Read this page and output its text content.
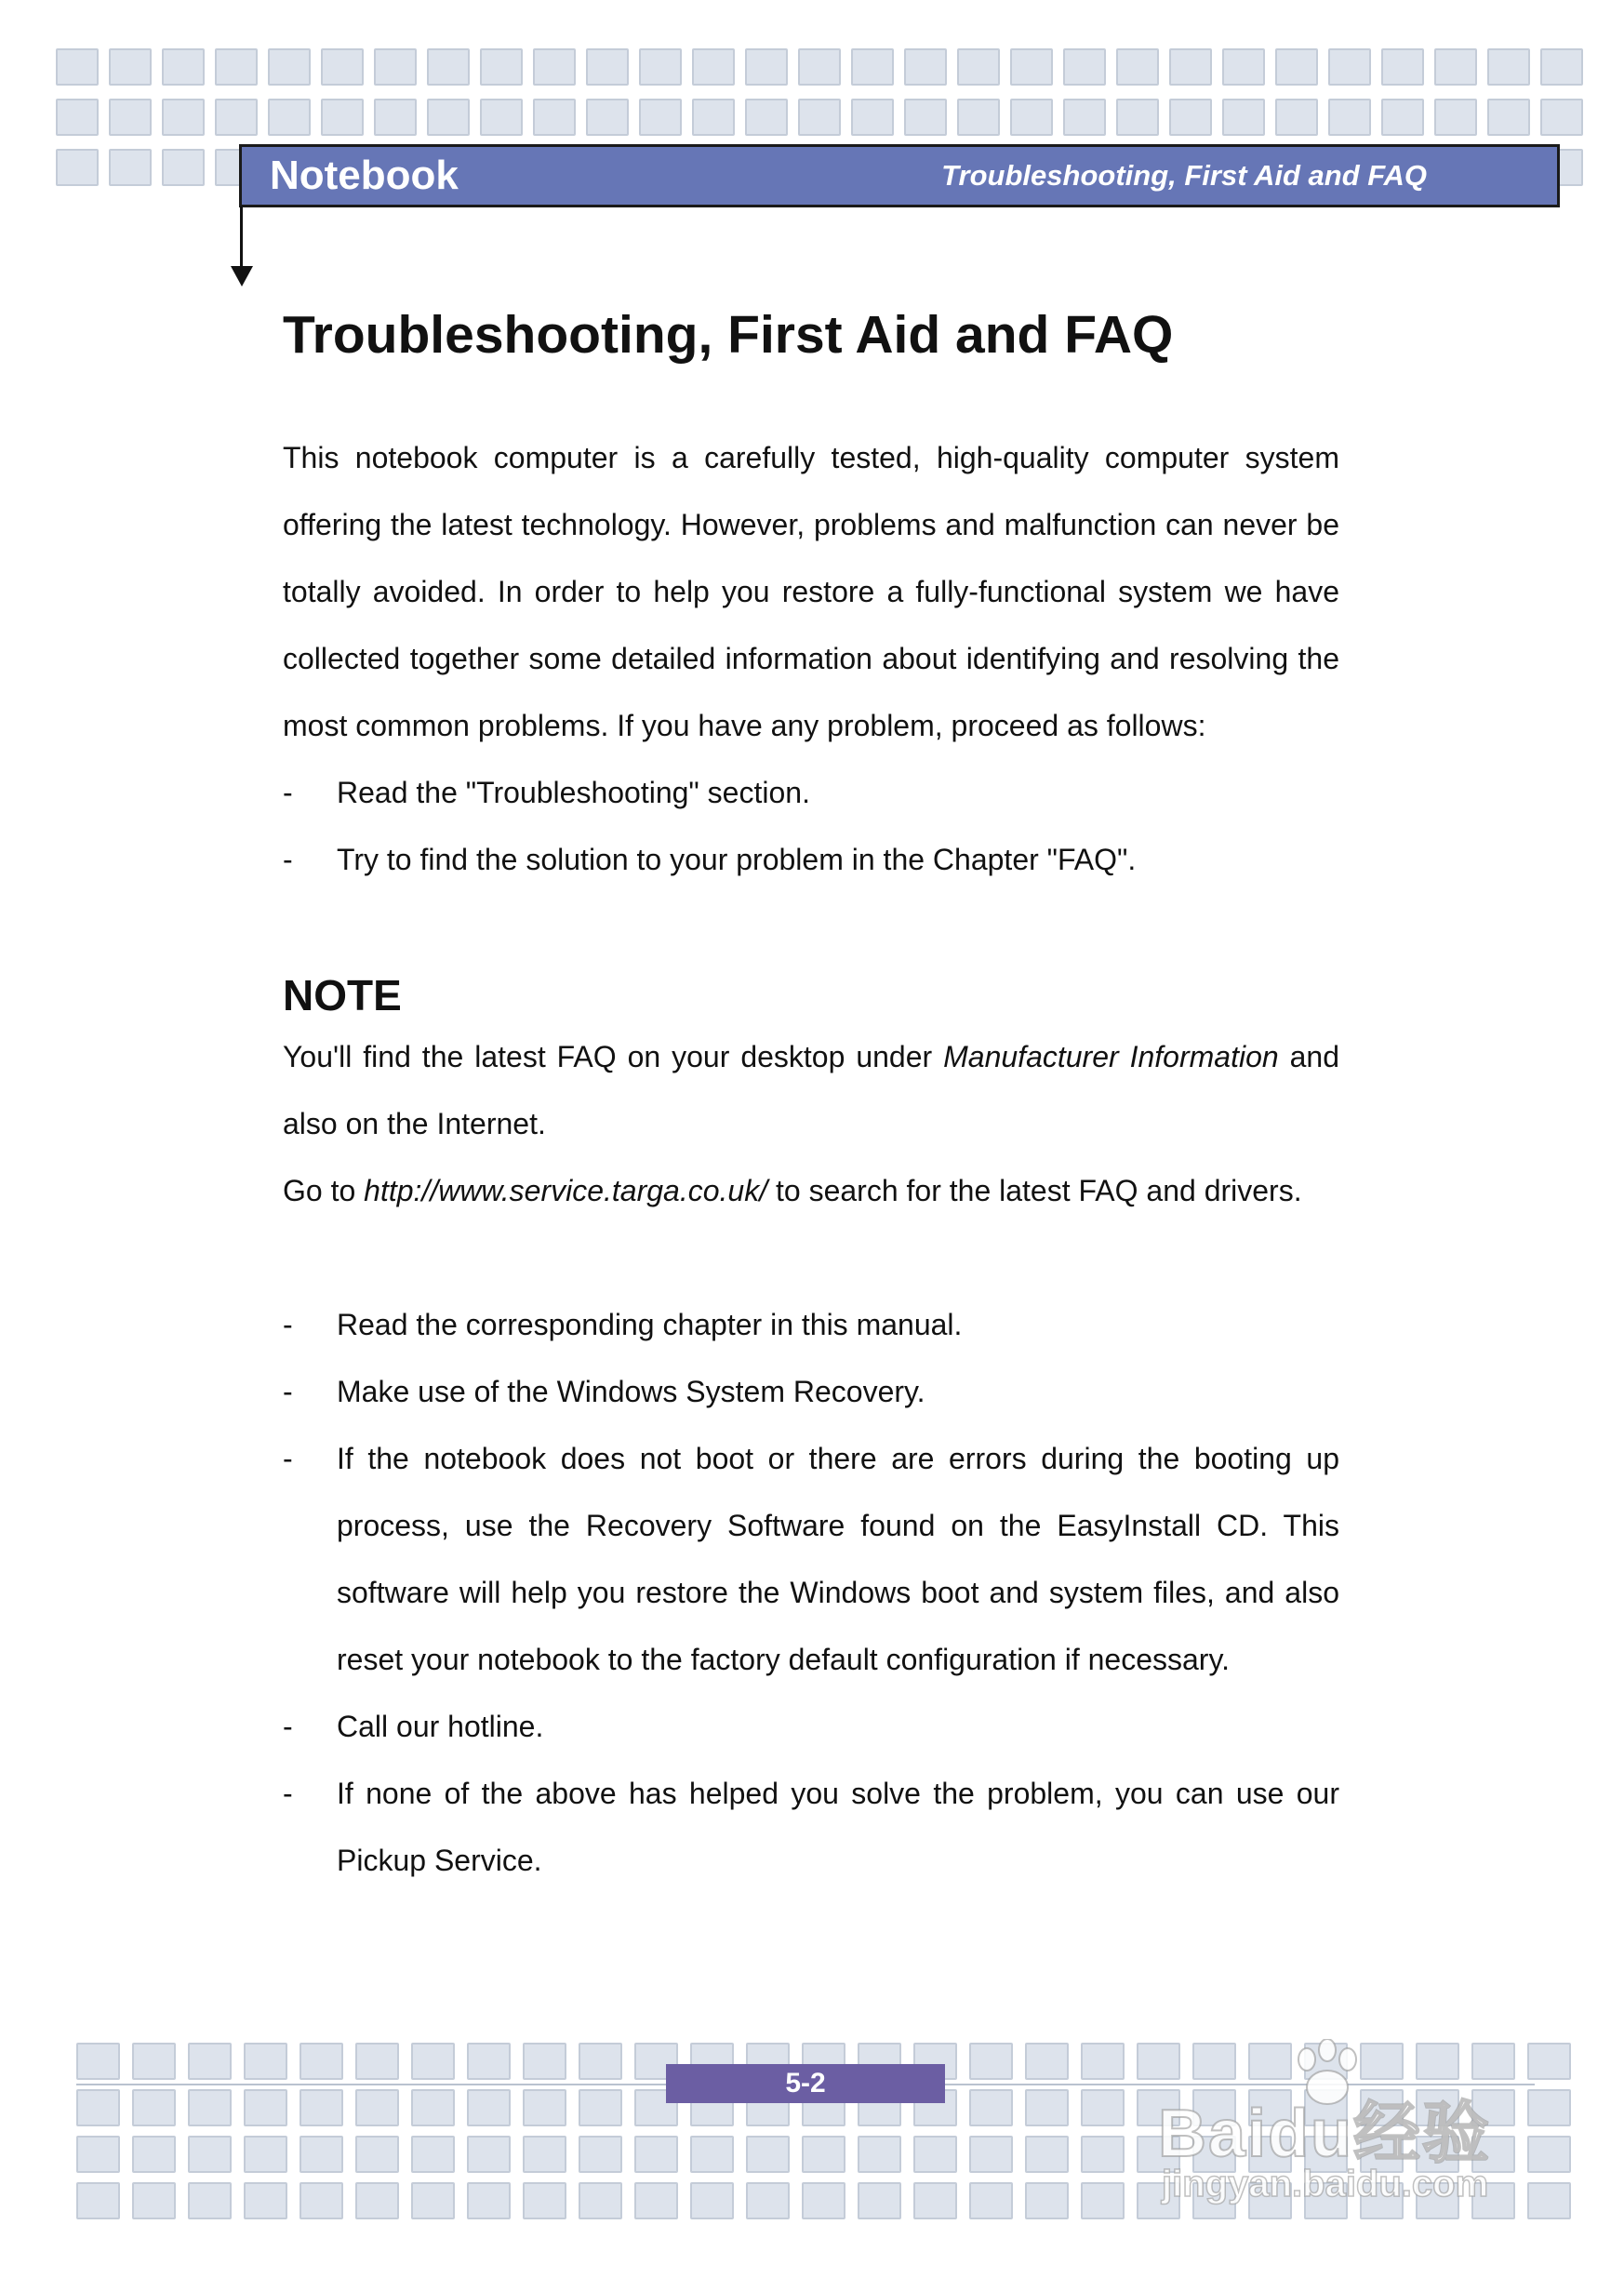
Notebook	Troubleshooting, First Aid and FAQ
Troubleshooting, First Aid and FAQ

This notebook computer is a carefully tested, high-quality computer system offering the latest technology. However, problems and malfunction can never be totally avoided. In order to help you restore a fully-functional system we have collected together some detailed information about identifying and resolving the most common problems. If you have any problem, proceed as follows:

- Read the "Troubleshooting" section.
- Try to find the solution to your problem in the Chapter "FAQ".
NOTE

You'll find the latest FAQ on your desktop under Manufacturer Information and also on the Internet.

Go to http://www.service.targa.co.uk/ to search for the latest FAQ and drivers.

- Read the corresponding chapter in this manual.
- Make use of the Windows System Recovery.
- If the notebook does not boot or there are errors during the booting up process, use the Recovery Software found on the EasyInstall CD. This software will help you restore the Windows boot and system files, and also reset your notebook to the factory default configuration if necessary.
- Call our hotline.
- If none of the above has helped you solve the problem, you can use our Pickup Service.
5-2
Baidu经验
jingyan.baidu.com
